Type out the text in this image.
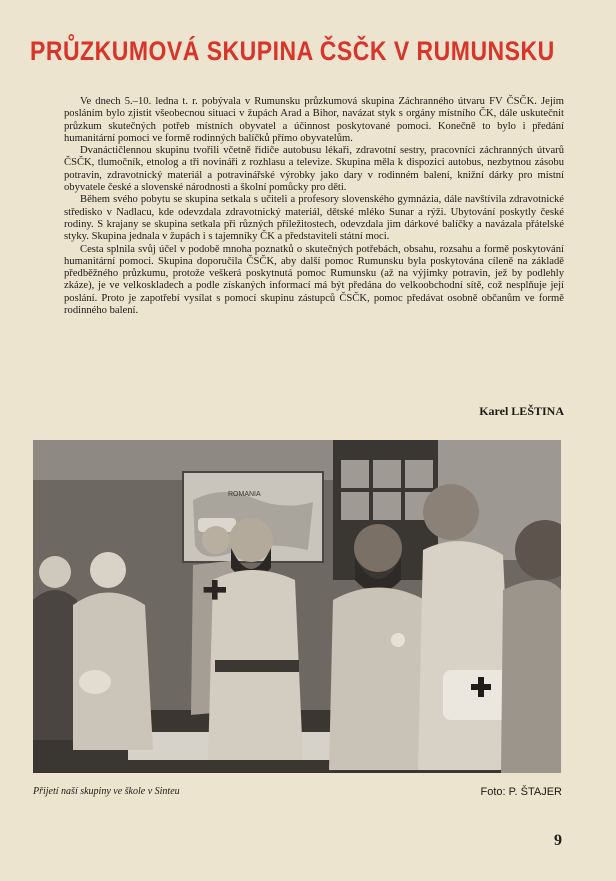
PRŮZKUMOVÁ SKUPINA ČSČK V RUMUNSKU

Ve dnech 5.–10. ledna t. r. pobývala v Rumunsku průzkumová skupina Záchranného útvaru FV ČSČK. Jejím posláním bylo zjistit všeobecnou situaci v župách Arad a Bihor, navázat styk s orgány místního ČK, dále uskutečnit průzkum skutečných potřeb místních obyvatel a účinnost poskytované pomoci. Konečně to bylo i předání humanitární pomoci ve formě rodinných balíčků přímo obyvatelům.

Dvanáctičlennou skupinu tvořili včetně řidiče autobusu lékaři, zdravotní sestry, pracovníci záchranných útvarů ČSČK, tlumočník, etnolog a tři novináři z rozhlasu a televize. Skupina měla k dispozici autobus, nezbytnou zásobu potravin, zdravotnický materiál a potravinářské výrobky jako dary v rodinném balení, knižní dárky pro místní obyvatele české a slovenské národnosti a školní pomůcky pro děti.

Během svého pobytu se skupina setkala s učiteli a profesory slovenského gymnázia, dále navštívila zdravotnické středisko v Nadlacu, kde odevzdala zdravotnický materiál, dětské mléko Sunar a rýži. Ubytování poskytly české rodiny. S krajany se skupina setkala při různých příležitostech, odevzdala jim dárkové balíčky a navázala přátelské styky. Skupina jednala v župách i s tajemníky ČK a představiteli státní moci.

Cesta splnila svůj účel v podobě mnoha poznatků o skutečných potřebách, obsahu, rozsahu a formě poskytování humanitární pomoci. Skupina doporučila ČSČK, aby další pomoc Rumunsku byla poskytována cíleně na základě předběžného průzkumu, protože veškerá poskytnutá pomoc Rumunsku (až na výjimky potravin, jež by podlehly zkáze), je ve velkoskladech a podle získaných informací má být předána do velkoobchodní sítě, což nesplňuje její poslání. Proto je zapotřebí vysílat s pomocí skupinu zástupců ČSČK, pomoc předávat osobně občanům ve formě rodinného balení.

Karel LEŠTINA

ROMANIA

Přijetí naší skupiny ve škole v Sinteu	Foto: P. ŠTAJER

9
